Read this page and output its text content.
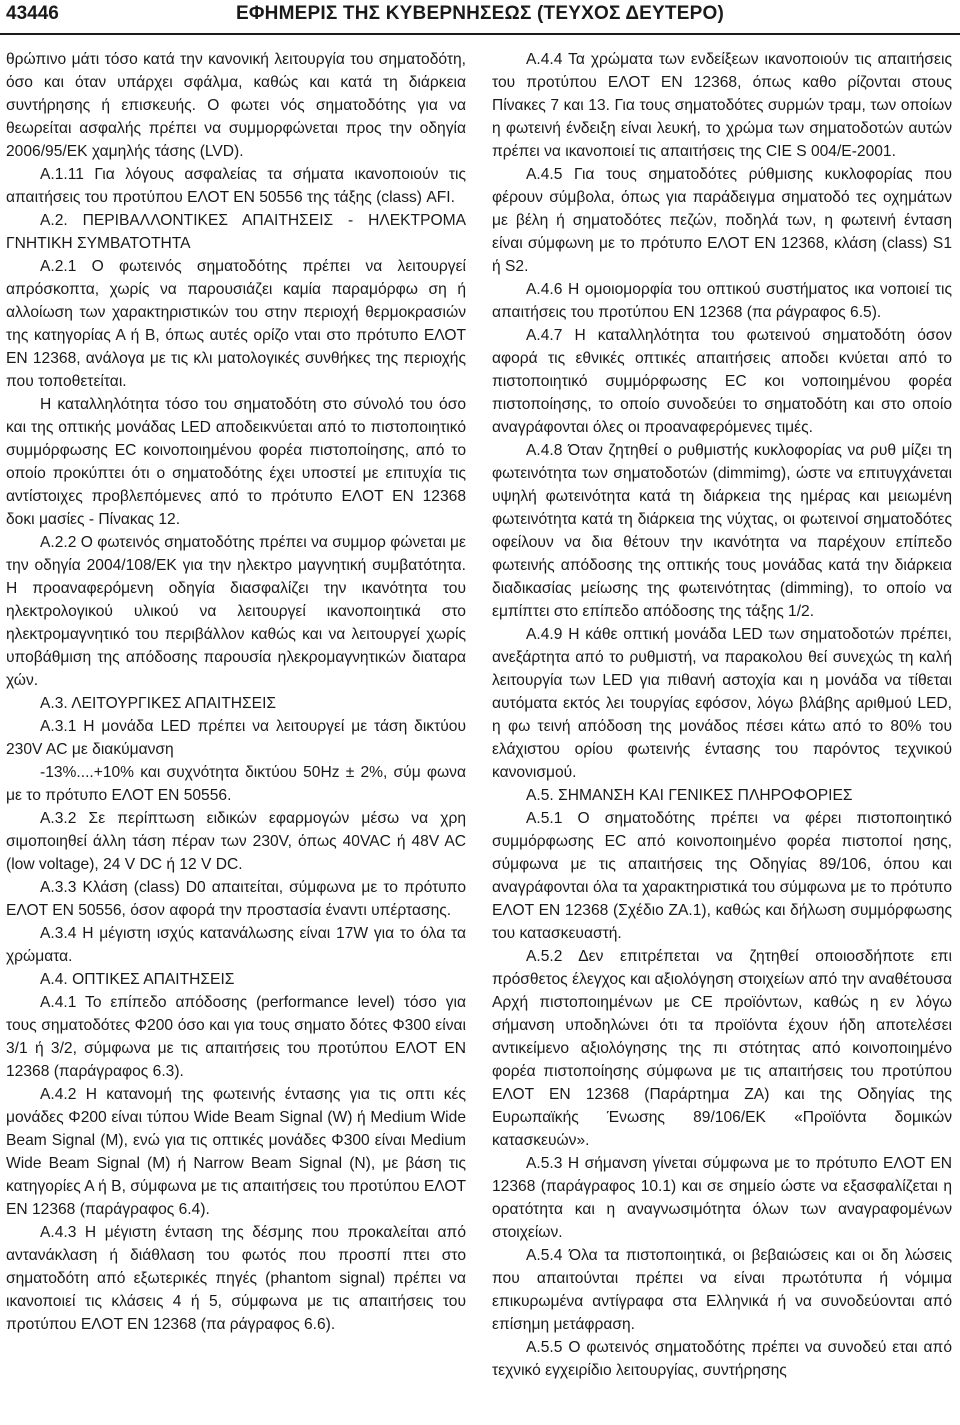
43446	ΕΦΗΜΕΡΙΣ ΤΗΣ ΚΥΒΕΡΝΗΣΕΩΣ (ΤΕΥΧΟΣ ΔΕΥΤΕΡΟ)

θρώπινο μάτι τόσο κατά την κανονική λειτουργία του σηματοδότη, όσο και όταν υπάρχει σφάλμα, καθώς και κατά τη διάρκεια συντήρησης ή επισκευής. Ο φωτει νός σηματοδότης για να θεωρείται ασφαλής πρέπει να συμμορφώνεται προς την οδηγία 2006/95/ΕΚ χαμηλής τάσης (LVD).

Α.1.11 Για λόγους ασφαλείας τα σήματα ικανοποιούν τις απαιτήσεις του προτύπου ΕΛΟΤ ΕΝ 50556 της τάξης (class) AFI.

Α.2. ΠΕΡΙΒΑΛΛΟΝΤΙΚΕΣ ΑΠΑΙΤΗΣΕΙΣ ‑ ΗΛΕΚΤΡΟΜΑ ΓΝΗΤΙΚΗ ΣΥΜΒΑΤΟΤΗΤΑ

Α.2.1 Ο φωτεινός σηματοδότης πρέπει να λειτουργεί απρόσκοπτα, χωρίς να παρουσιάζει καμία παραμόρφω ση ή αλλοίωση των χαρακτηριστικών του στην περιοχή θερμοκρασιών της κατηγορίας Α ή Β, όπως αυτές ορίζο νται στο πρότυπο ΕΛΟΤ ΕΝ 12368, ανάλογα με τις κλι ματολογικές συνθήκες της περιοχής που τοποθετείται.

Η καταλληλότητα τόσο του σηματοδότη στο σύνολό του όσο και της οπτικής μονάδας LED αποδεικνύεται από το πιστοποιητικό συμμόρφωσης EC κοινοποιημένου φορέα πιστοποίησης, από το οποίο προκύπτει ότι ο σηματοδότης έχει υποστεί με επιτυχία τις αντίστοιχες προβλεπόμενες από το πρότυπο ΕΛΟΤ ΕΝ 12368 δοκι μασίες ‑ Πίνακας 12.

Α.2.2 Ο φωτεινός σηματοδότης πρέπει να συμμορ φώνεται με την οδηγία 2004/108/ΕΚ για την ηλεκτρο μαγνητική συμβατότητα. Η προαναφερόμενη οδηγία διασφαλίζει την ικανότητα του ηλεκτρολογικού υλικού να λειτουργεί ικανοποιητικά στο ηλεκτρομαγνητικό του περιβάλλον καθώς και να λειτουργεί χωρίς υποβάθμιση της απόδοσης παρουσία ηλεκρομαγνητικών διαταρα χών.

Α.3. ΛΕΙΤΟΥΡΓΙΚΕΣ ΑΠΑΙΤΗΣΕΙΣ

Α.3.1 Η μονάδα LED πρέπει να λειτουργεί με τάση δικτύου 230V AC με διακύμανση

‑13%....+10% και συχνότητα δικτύου 50Hz ± 2%, σύμ φωνα με το πρότυπο ΕΛΟΤ ΕΝ 50556.

Α.3.2 Σε περίπτωση ειδικών εφαρμογών μέσω να χρη σιμοποιηθεί άλλη τάση πέραν των 230V, όπως 40VAC ή 48V AC (low voltage), 24 V DC ή 12 V DC.

Α.3.3 Κλάση (class) D0 απαιτείται, σύμφωνα με το πρότυπο ΕΛΟΤ ΕΝ 50556, όσον αφορά την προστασία έναντι υπέρτασης.

Α.3.4 Η μέγιστη ισχύς κατανάλωσης είναι 17W για το όλα τα χρώματα.

Α.4. ΟΠΤΙΚΕΣ ΑΠΑΙΤΗΣΕΙΣ

Α.4.1 Το επίπεδο απόδοσης (performance level) τόσο για τους σηματοδότες Φ200 όσο και για τους σηματο δότες Φ300 είναι 3/1 ή 3/2, σύμφωνα με τις απαιτήσεις του προτύπου ΕΛΟΤ ΕΝ 12368 (παράγραφος 6.3).

Α.4.2 Η κατανομή της φωτεινής έντασης για τις οπτι κές μονάδες Φ200 είναι τύπου Wide Beam Signal (W) ή Medium Wide Beam Signal (M), ενώ για τις οπτικές μονάδες Φ300 είναι Medium Wide Beam Signal (M) ή Narrow Beam Signal (N), με βάση τις κατηγορίες Α ή Β, σύμφωνα με τις απαιτήσεις του προτύπου ΕΛΟΤ ΕΝ 12368 (παράγραφος 6.4).

Α.4.3 Η μέγιστη ένταση της δέσμης που προκαλείται από αντανάκλαση ή διάθλαση του φωτός που προσπί πτει στο σηματοδότη από εξωτερικές πηγές (phantom signal) πρέπει να ικανοποιεί τις κλάσεις 4 ή 5, σύμφωνα με τις απαιτήσεις του προτύπου ΕΛΟΤ ΕΝ 12368 (πα ράγραφος 6.6).

Α.4.4 Τα χρώματα των ενδείξεων ικανοποιούν τις απαιτήσεις του προτύπου ΕΛΟΤ ΕΝ 12368, όπως καθο ρίζονται στους Πίνακες 7 και 13. Για τους σηματοδότες συρμών τραμ, των οποίων η φωτεινή ένδειξη είναι λευκή, το χρώμα των σηματοδοτών αυτών πρέπει να ικανοποιεί τις απαιτήσεις της CIE S 004/E‑2001.

Α.4.5 Για τους σηματοδότες ρύθμισης κυκλοφορίας που φέρουν σύμβολα, όπως για παράδειγμα σηματοδό τες οχημάτων με βέλη ή σηματοδότες πεζών, ποδηλά των, η φωτεινή ένταση είναι σύμφωνη με το πρότυπο ΕΛΟΤ ΕΝ 12368, κλάση (class) S1 ή S2.

Α.4.6 Η ομοιομορφία του οπτικού συστήματος ικα νοποιεί τις απαιτήσεις του προτύπου EN 12368 (πα ράγραφος 6.5).

Α.4.7 Η καταλληλότητα του φωτεινού σηματοδότη όσον αφορά τις εθνικές οπτικές απαιτήσεις αποδει κνύεται από το πιστοποιητικό συμμόρφωσης EC κοι νοποιημένου φορέα πιστοποίησης, το οποίο συνοδεύει το σηματοδότη και στο οποίο αναγράφονται όλες οι προαναφερόμενες τιμές.

Α.4.8 Όταν ζητηθεί ο ρυθμιστής κυκλοφορίας να ρυθ μίζει τη φωτεινότητα των σηματοδοτών (dimmimg), ώστε να επιτυγχάνεται υψηλή φωτεινότητα κατά τη διάρκεια της ημέρας και μειωμένη φωτεινότητα κατά τη διάρκεια της νύχτας, οι φωτεινοί σηματοδότες οφείλουν να δια θέτουν την ικανότητα να παρέχουν επίπεδο φωτεινής απόδοσης της οπτικής τους μονάδας κατά την διάρκεια διαδικασίας μείωσης της φωτεινότητας (dimming), το οποίο να εμπίπτει στο επίπεδο απόδοσης της τάξης 1/2.

Α.4.9 Η κάθε οπτική μονάδα LED των σηματοδοτών πρέπει, ανεξάρτητα από το ρυθμιστή, να παρακολου θεί συνεχώς τη καλή λειτουργία των LED για πιθανή αστοχία και η μονάδα να τίθεται αυτόματα εκτός λει τουργίας εφόσον, λόγω βλάβης αριθμού LED, η φω τεινή απόδοση της μονάδος πέσει κάτω από το 80% του ελάχιστου ορίου φωτεινής έντασης του παρόντος τεχνικού κανονισμού.

Α.5. ΣΗΜΑΝΣΗ ΚΑΙ ΓΕΝΙΚΕΣ ΠΛΗΡΟΦΟΡΙΕΣ

Α.5.1 Ο σηματοδότης πρέπει να φέρει πιστοποιητικό συμμόρφωσης EC από κοινοποιημένο φορέα πιστοποί ησης, σύμφωνα με τις απαιτήσεις της Οδηγίας 89/106, όπου και αναγράφονται όλα τα χαρακτηριστικά του σύμφωνα με το πρότυπο ΕΛΟΤ ΕΝ 12368 (Σχέδιο ΖΑ.1), καθώς και δήλωση συμμόρφωσης του κατασκευαστή.

Α.5.2 Δεν επιτρέπεται να ζητηθεί οποιοσδήποτε επι πρόσθετος έλεγχος και αξιολόγηση στοιχείων από την αναθέτουσα Αρχή πιστοποιημένων με CE προϊόντων, καθώς η εν λόγω σήμανση υποδηλώνει ότι τα προϊόντα έχουν ήδη αποτελέσει αντικείμενο αξιολόγησης της πι στότητας από κοινοποιημένο φορέα πιστοποίησης σύμφωνα με τις απαιτήσεις του προτύπου ΕΛΟΤ ΕΝ 12368 (Παράρτημα ΖΑ) και της Οδηγίας της Ευρωπαϊκής Ένωσης 89/106/ΕΚ «Προϊόντα δομικών κατασκευών».

Α.5.3 Η σήμανση γίνεται σύμφωνα με το πρότυπο ΕΛΟΤ ΕΝ 12368 (παράγραφος 10.1) και σε σημείο ώστε να εξασφαλίζεται η ορατότητα και η αναγνωσιμότητα όλων των αναγραφομένων στοιχείων.

Α.5.4 Όλα τα πιστοποιητικά, οι βεβαιώσεις και οι δη λώσεις που απαιτούνται πρέπει να είναι πρωτότυπα ή νόμιμα επικυρωμένα αντίγραφα στα Ελληνικά ή να συνοδεύονται από επίσημη μετάφραση.

Α.5.5 Ο φωτεινός σηματοδότης πρέπει να συνοδεύ εται από τεχνικό εγχειρίδιο λειτουργίας, συντήρησης
